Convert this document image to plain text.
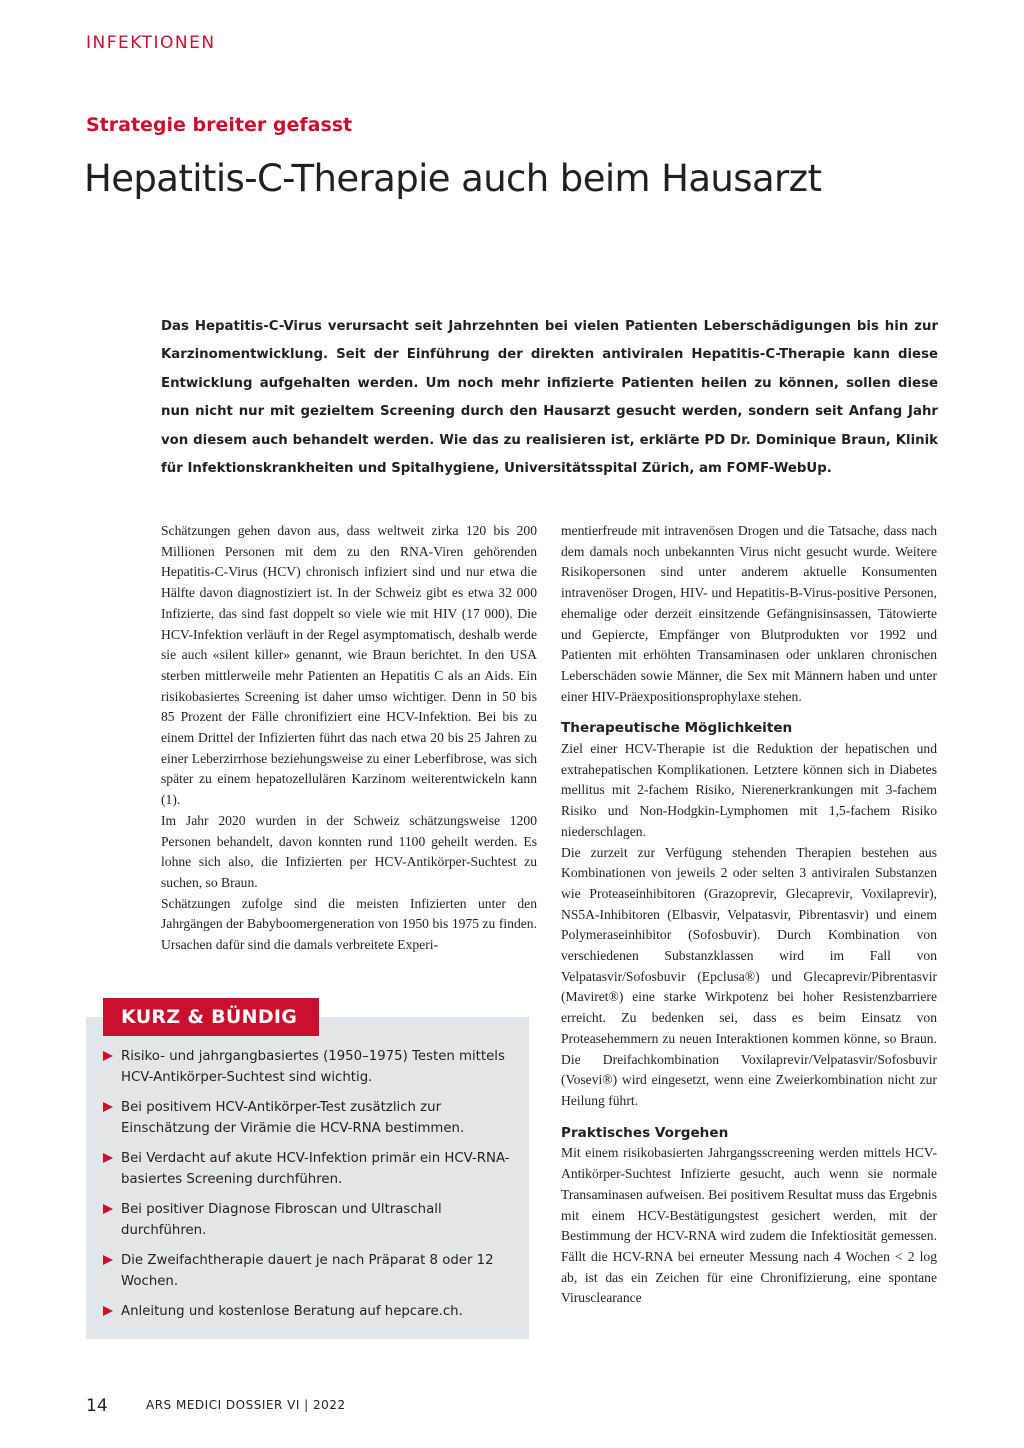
INFEKTIONEN
Strategie breiter gefasst
Hepatitis-C-Therapie auch beim Hausarzt

Das Hepatitis-C-Virus verursacht seit Jahrzehnten bei vielen Patienten Leberschädigungen bis hin zur Karzinomentwicklung. Seit der Einführung der direkten antiviralen Hepatitis-C-Therapie kann diese Entwicklung aufgehalten werden. Um noch mehr infizierte Patienten heilen zu können, sollen diese nun nicht nur mit gezieltem Screening durch den Hausarzt gesucht werden, sondern seit Anfang Jahr von diesem auch behandelt werden. Wie das zu realisieren ist, erklärte PD Dr. Dominique Braun, Klinik für Infektionskrankheiten und Spitalhygiene, Universitätsspital Zürich, am FOMF-WebUp.

Schätzungen gehen davon aus, dass weltweit zirka 120 bis 200 Millionen Personen mit dem zu den RNA-Viren gehörenden Hepatitis-C-Virus (HCV) chronisch infiziert sind und nur etwa die Hälfte davon diagnostiziert ist. In der Schweiz gibt es etwa 32 000 Infizierte, das sind fast doppelt so viele wie mit HIV (17 000). Die HCV-Infektion verläuft in der Regel asymptomatisch, deshalb werde sie auch «silent killer» genannt, wie Braun berichtet. In den USA sterben mittlerweile mehr Patienten an Hepatitis C als an Aids. Ein risikobasiertes Screening ist daher umso wichtiger. Denn in 50 bis 85 Prozent der Fälle chronifiziert eine HCV-Infektion. Bei bis zu einem Drittel der Infizierten führt das nach etwa 20 bis 25 Jahren zu einer Leberzirrhose beziehungsweise zu einer Leberfibrose, was sich später zu einem hepatozellulären Karzinom weiterentwickeln kann (1).

Im Jahr 2020 wurden in der Schweiz schätzungsweise 1200 Personen behandelt, davon konnten rund 1100 geheilt werden. Es lohne sich also, die Infizierten per HCV-Antikörper-Suchtest zu suchen, so Braun.

Schätzungen zufolge sind die meisten Infizierten unter den Jahrgängen der Babyboomergeneration von 1950 bis 1975 zu finden. Ursachen dafür sind die damals verbreitete Experi-

mentierfreude mit intravenösen Drogen und die Tatsache, dass nach dem damals noch unbekannten Virus nicht gesucht wurde. Weitere Risikopersonen sind unter anderem aktuelle Konsumenten intravenöser Drogen, HIV- und Hepatitis-B-Virus-positive Personen, ehemalige oder derzeit einsitzende Gefängnisinsassen, Tätowierte und Gepiercte, Empfänger von Blutprodukten vor 1992 und Patienten mit erhöhten Transaminasen oder unklaren chronischen Leberschäden sowie Männer, die Sex mit Männern haben und unter einer HIV-Präexpositionsprophylaxe stehen.

Therapeutische Möglichkeiten

Ziel einer HCV-Therapie ist die Reduktion der hepatischen und extrahepatischen Komplikationen. Letztere können sich in Diabetes mellitus mit 2-fachem Risiko, Nierenerkrankungen mit 3-fachem Risiko und Non-Hodgkin-Lymphomen mit 1,5-fachem Risiko niederschlagen.

Die zurzeit zur Verfügung stehenden Therapien bestehen aus Kombinationen von jeweils 2 oder selten 3 antiviralen Substanzen wie Proteaseinhibitoren (Grazoprevir, Glecaprevir, Voxilaprevir), NS5A-Inhibitoren (Elbasvir, Velpatasvir, Pibrentasvir) und einem Polymeraseinhibitor (Sofosbuvir). Durch Kombination von verschiedenen Substanzklassen wird im Fall von Velpatasvir/Sofosbuvir (Epclusa®) und Glecaprevir/Pibrentasvir (Maviret®) eine starke Wirkpotenz bei hoher Resistenzbarriere erreicht. Zu bedenken sei, dass es beim Einsatz von Proteasehemmern zu neuen Interaktionen kommen könne, so Braun. Die Dreifachkombination Voxilaprevir/Velpatasvir/Sofosbuvir (Vosevi®) wird eingesetzt, wenn eine Zweierkombination nicht zur Heilung führt.

Praktisches Vorgehen

Mit einem risikobasierten Jahrgangsscreening werden mittels HCV-Antikörper-Suchtest Infizierte gesucht, auch wenn sie normale Transaminasen aufweisen. Bei positivem Resultat muss das Ergebnis mit einem HCV-Bestätigungstest gesichert werden, mit der Bestimmung der HCV-RNA wird zudem die Infektiosität gemessen. Fällt die HCV-RNA bei erneuter Messung nach 4 Wochen < 2 log ab, ist das ein Zeichen für eine Chronifizierung, eine spontane Virusclearance

KURZ & BÜNDIG
Risiko- und jahrgangbasiertes (1950–1975) Testen mittels HCV-Antikörper-Suchtest sind wichtig.
Bei positivem HCV-Antikörper-Test zusätzlich zur Einschätzung der Virämie die HCV-RNA bestimmen.
Bei Verdacht auf akute HCV-Infektion primär ein HCV-RNA-basiertes Screening durchführen.
Bei positiver Diagnose Fibroscan und Ultraschall durchführen.
Die Zweifachtherapie dauert je nach Präparat 8 oder 12 Wochen.
Anleitung und kostenlose Beratung auf hepcare.ch.
14	ARS MEDICI DOSSIER VI | 2022
